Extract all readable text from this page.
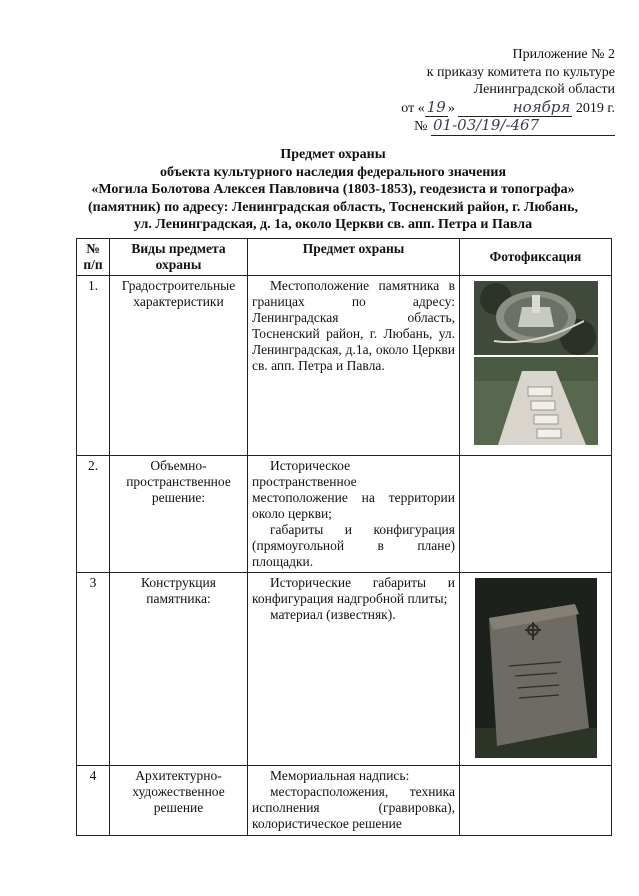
Приложение № 2
к приказу комитета по культуре
Ленинградской области
от « 19 »	ноября 2019 г.
№ 01-03/19/-467
Предмет охраны
объекта культурного наследия федерального значения
«Могила Болотова Алексея Павловича (1803-1853), геодезиста и топографа»
(памятник) по адресу: Ленинградская область, Тосненский район, г. Любань,
ул. Ленинградская, д. 1а, около Церкви св. апп. Петра и Павла
№ п/п	Виды предмета охраны	Предмет охраны	Фотофиксация
1.	Градостроительные характеристики	Местоположение памятника в границах по адресу: Ленинградская область, Тосненский район, г. Любань, ул. Ленинградская, д.1а, около Церкви св. апп. Петра и Павла.

2.	Объемно-пространственное решение:	Историческое пространственное местоположение на территории около церкви;

габариты и конфигурация (прямоугольной в плане) площадки.	

3	Конструкция памятника:	Исторические габариты и конфигурация надгробной плиты;

материал (известняк).

4	Архитектурно-художественное решение	Мемориальная надпись:

месторасположения, техника исполнения (гравировка), колористическое решение	
